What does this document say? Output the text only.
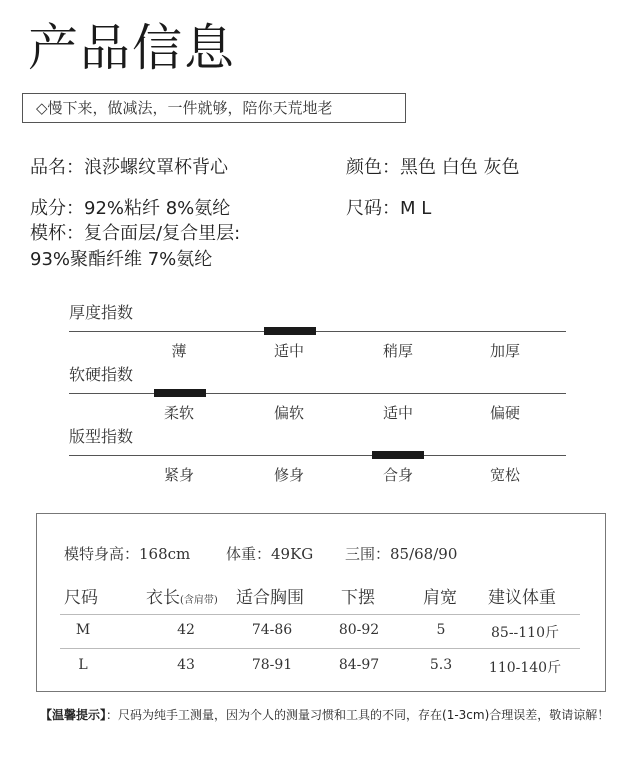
产品信息
◇慢下来，做减法，一件就够，陪你天荒地老
品名：浪莎螺纹罩杯背心	颜色：黑色 白色 灰色
成分：92%粘纤 8%氨纶	尺码：M L
模杯：复合面层/复合里层:
93%聚酯纤维 7%氨纶
厚度指数
薄	适中	稍厚	加厚
软硬指数
柔软	偏软	适中	偏硬
版型指数
紧身	修身	合身	宽松
模特身高：168cm 体重：49KG 三围：85/68/90
尺码	衣长(含肩带) 适合胸围 下摆	肩宽 建议体重
M	42	74-86	80-92	5	85--110斤
L	43	78-91	84-97	5.3	110-140斤
【温馨提示】：尺码为纯手工测量，因为个人的测量习惯和工具的不同，存在(1-3cm)合理误差，敬请谅解！
